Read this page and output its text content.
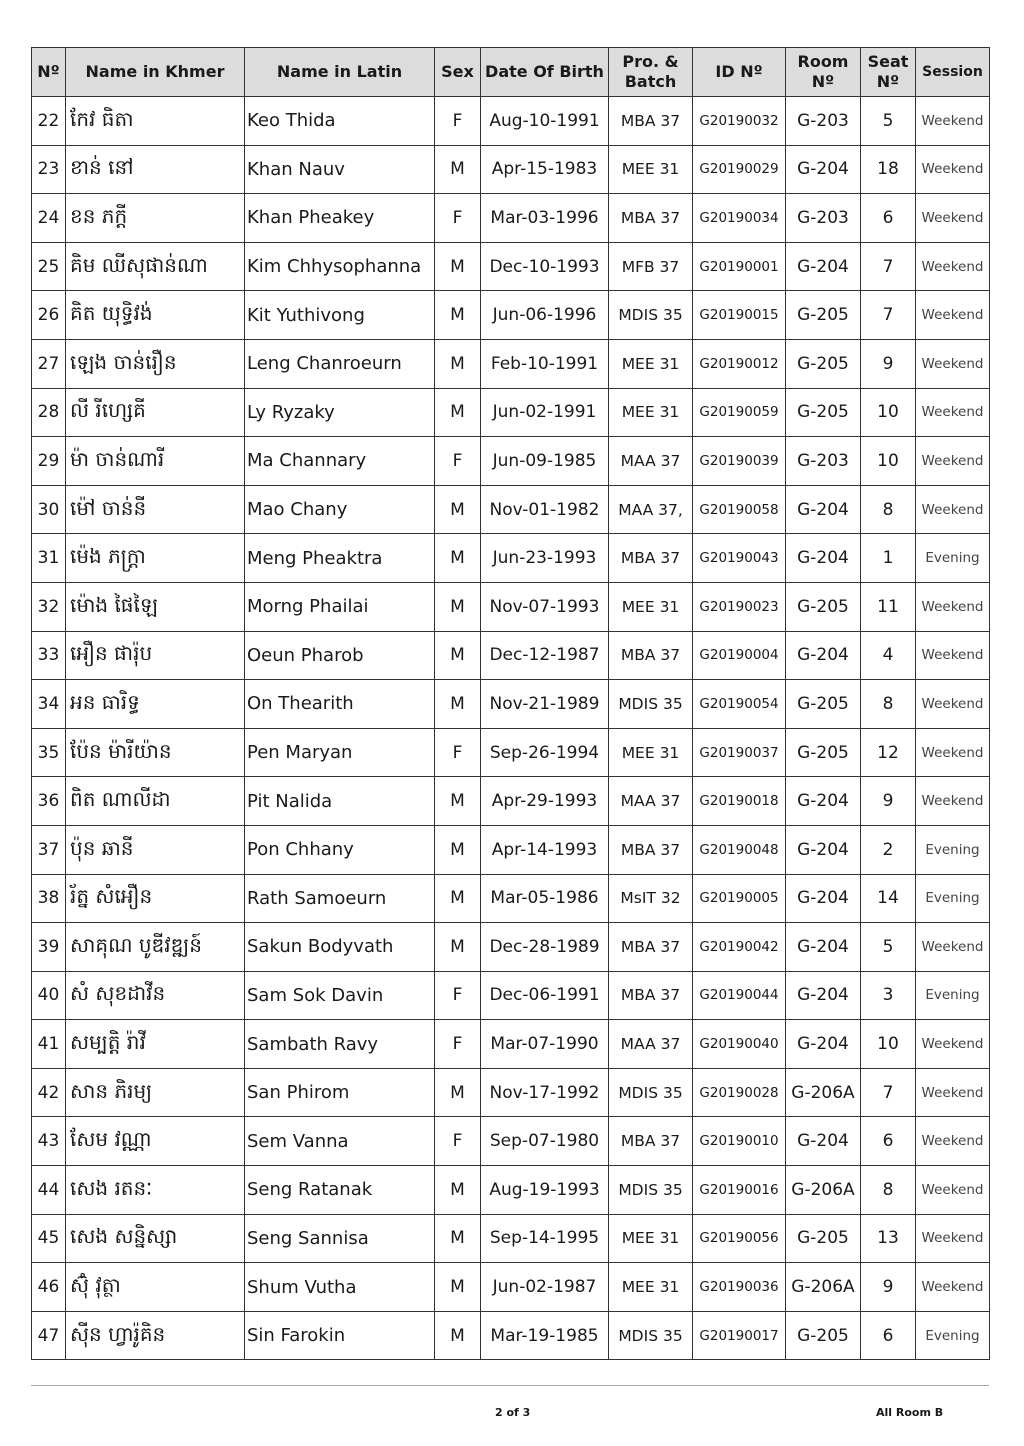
Nº	Name in Khmer	Name in Latin	Sex	Date Of Birth	Pro. & Batch	ID Nº	Room Nº	Seat Nº	Session
22	កែវ ធិតា	Keo Thida	F	Aug-10-1991	MBA 37	G20190032	G-203	5	Weekend
23	ខាន់ នៅ	Khan Nauv	M	Apr-15-1983	MEE 31	G20190029	G-204	18	Weekend
24	ខន ភក្ដី	Khan Pheakey	F	Mar-03-1996	MBA 37	G20190034	G-203	6	Weekend
25	គិម ឈីសុផាន់ណា	Kim Chhysophanna	M	Dec-10-1993	MFB 37	G20190001	G-204	7	Weekend
26	គិត យុទ្ធិវង់	Kit Yuthivong	M	Jun-06-1996	MDIS 35	G20190015	G-205	7	Weekend
27	ឡេង ចាន់រឿន	Leng Chanroeurn	M	Feb-10-1991	MEE 31	G20190012	G-205	9	Weekend
28	លី រីហ្សេគី	Ly Ryzaky	M	Jun-02-1991	MEE 31	G20190059	G-205	10	Weekend
29	ម៉ា ចាន់ណារី	Ma Channary	F	Jun-09-1985	MAA 37	G20190039	G-203	10	Weekend
30	ម៉ៅ ចាន់នី	Mao Chany	M	Nov-01-1982	MAA 37,	G20190058	G-204	8	Weekend
31	ម៉េង ភក្ត្រា	Meng Pheaktra	M	Jun-23-1993	MBA 37	G20190043	G-204	1	Evening
32	ម៉ោង ផៃឡៃ	Morng Phailai	M	Nov-07-1993	MEE 31	G20190023	G-205	11	Weekend
33	អឿន ផារ៉ុប	Oeun Pharob	M	Dec-12-1987	MBA 37	G20190004	G-204	4	Weekend
34	អន ធារិទ្ធ	On Thearith	M	Nov-21-1989	MDIS 35	G20190054	G-205	8	Weekend
35	ប៉ែន ម៉ារីយ៉ាន	Pen Maryan	F	Sep-26-1994	MEE 31	G20190037	G-205	12	Weekend
36	ពិត ណាលីដា	Pit Nalida	M	Apr-29-1993	MAA 37	G20190018	G-204	9	Weekend
37	ប៉ុន ឆានី	Pon Chhany	M	Apr-14-1993	MBA 37	G20190048	G-204	2	Evening
38	រ័ត្ន សំអឿន	Rath Samoeurn	M	Mar-05-1986	MsIT 32	G20190005	G-204	14	Evening
39	សាគុណ បូឌីវឌ្ឍន៍	Sakun Bodyvath	M	Dec-28-1989	MBA 37	G20190042	G-204	5	Weekend
40	សំ សុខដាវីន	Sam Sok Davin	F	Dec-06-1991	MBA 37	G20190044	G-204	3	Evening
41	សម្បត្តិ រ៉ាវី	Sambath Ravy	F	Mar-07-1990	MAA 37	G20190040	G-204	10	Weekend
42	សាន ភិរម្យ	San Phirom	M	Nov-17-1992	MDIS 35	G20190028	G-206A	7	Weekend
43	សែម វណ្ណា	Sem Vanna	F	Sep-07-1980	MBA 37	G20190010	G-204	6	Weekend
44	សេង រតនៈ	Seng Ratanak	M	Aug-19-1993	MDIS 35	G20190016	G-206A	8	Weekend
45	សេង សន្និស្សា	Seng Sannisa	M	Sep-14-1995	MEE 31	G20190056	G-205	13	Weekend
46	ស៊ុំ វុត្ថា	Shum Vutha	M	Jun-02-1987	MEE 31	G20190036	G-206A	9	Weekend
47	ស៊ីន ហ្វារ៉ូគិន	Sin Farokin	M	Mar-19-1985	MDIS 35	G20190017	G-205	6	Evening
2 of 3	All Room B
